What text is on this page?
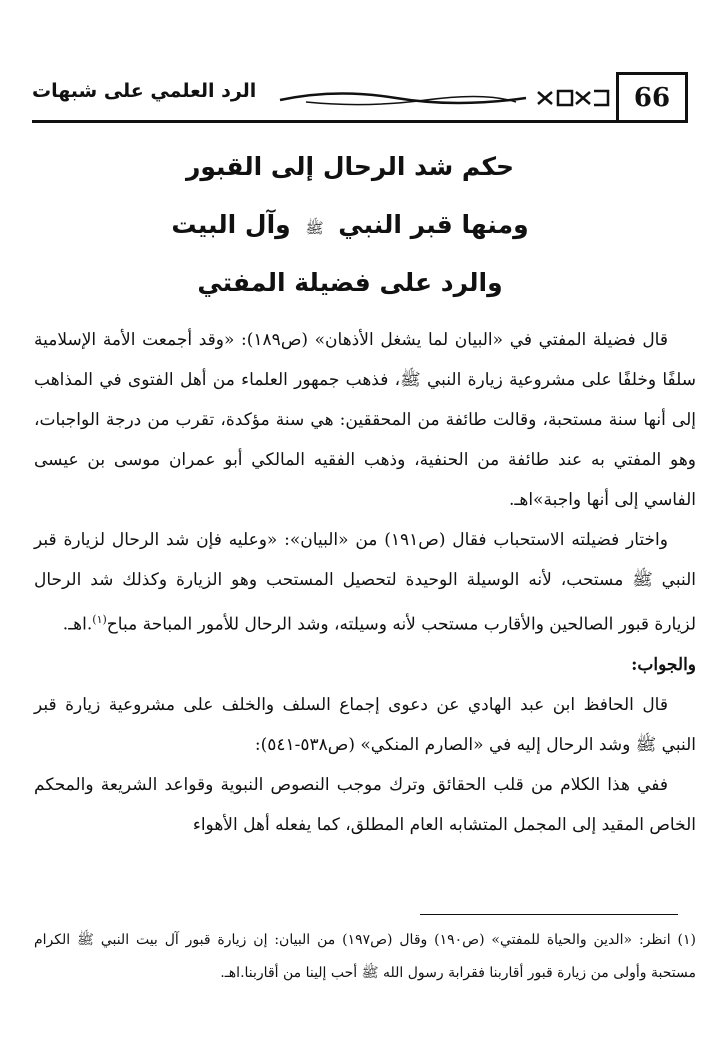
الرد العلمي على شبهات	66
حكم شد الرحال إلى القبور
ومنها قبر النبي ﷺ وآل البيت
والرد على فضيلة المفتي

قال فضيلة المفتي في «البيان لما يشغل الأذهان» (ص١٨٩): «وقد أجمعت الأمة الإسلامية سلفًا وخلفًا على مشروعية زيارة النبي ﷺ، فذهب جمهور العلماء من أهل الفتوى في المذاهب إلى أنها سنة مستحبة، وقالت طائفة من المحققين: هي سنة مؤكدة، تقرب من درجة الواجبات، وهو المفتي به عند طائفة من الحنفية، وذهب الفقيه المالكي أبو عمران موسى بن عيسى الفاسي إلى أنها واجبة»اهـ.

واختار فضيلته الاستحباب فقال (ص١٩١) من «البيان»: «وعليه فإن شد الرحال لزيارة قبر النبي ﷺ مستحب، لأنه الوسيلة الوحيدة لتحصيل المستحب وهو الزيارة وكذلك شد الرحال لزيارة قبور الصالحين والأقارب مستحب لأنه وسيلته، وشد الرحال للأمور المباحة مباح$^{(١)}$.اهـ.

والجواب:

قال الحافظ ابن عبد الهادي عن دعوى إجماع السلف والخلف على مشروعية زيارة قبر النبي ﷺ وشد الرحال إليه في «الصارم المنكي» (ص٥٣٨-٥٤١):

ففي هذا الكلام من قلب الحقائق وترك موجب النصوص النبوية وقواعد الشريعة والمحكم الخاص المقيد إلى المجمل المتشابه العام المطلق، كما يفعله أهل الأهواء

(١) انظر: «الدين والحياة للمفتي» (ص١٩٠) وقال (ص١٩٧) من البيان: إن زيارة قبور آل بيت النبي ﷺ الكرام مستحبة وأولى من زيارة قبور أقاربنا فقرابة رسول الله ﷺ أحب إلينا من أقاربنا.اهـ.
